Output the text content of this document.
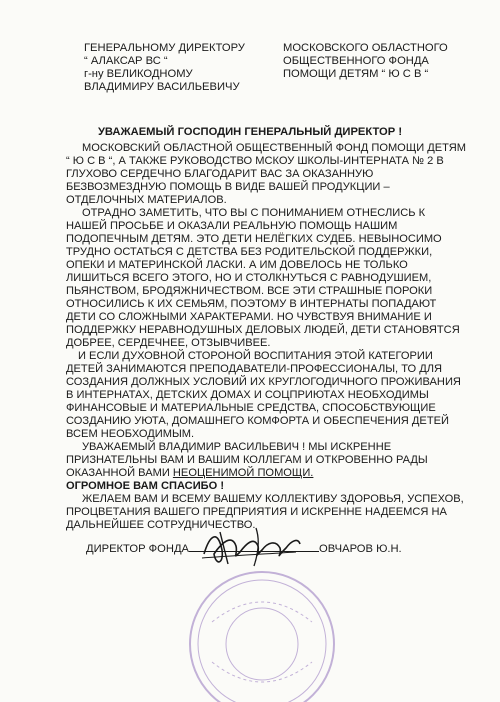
ГЕНЕРАЛЬНОМУ ДИРЕКТОРУ
“ АЛАКСАР ВС “
г-ну ВЕЛИКОДНОМУ
ВЛАДИМИРУ ВАСИЛЬЕВИЧУ
МОСКОВСКОГО ОБЛАСТНОГО
ОБЩЕСТВЕННОГО ФОНДА
ПОМОЩИ ДЕТЯМ “ Ю С В “
УВАЖАЕМЫЙ ГОСПОДИН ГЕНЕРАЛЬНЫЙ ДИРЕКТОР !

МОСКОВСКИЙ ОБЛАСТНОЙ ОБЩЕСТВЕННЫЙ ФОНД ПОМОЩИ ДЕТЯМ “ Ю С В “, А ТАКЖЕ РУКОВОДСТВО МСКОУ ШКОЛЫ-ИНТЕРНАТА № 2 В ГЛУХОВО СЕРДЕЧНО БЛАГОДАРИТ ВАС ЗА ОКАЗАННУЮ БЕЗВОЗМЕЗДНУЮ ПОМОЩЬ В ВИДЕ ВАШЕЙ ПРОДУКЦИИ – ОТДЕЛОЧНЫХ МАТЕРИАЛОВ.

ОТРАДНО ЗАМЕТИТЬ, ЧТО ВЫ С ПОНИМАНИЕМ ОТНЕСЛИСЬ К НАШЕЙ ПРОСЬБЕ И ОКАЗАЛИ РЕАЛЬНУЮ ПОМОЩЬ НАШИМ ПОДОПЕЧНЫМ ДЕТЯМ. ЭТО ДЕТИ НЕЛЁГКИХ СУДЕБ. НЕВЫНОСИМО ТРУДНО ОСТАТЬСЯ С ДЕТСТВА БЕЗ РОДИТЕЛЬСКОЙ ПОДДЕРЖКИ, ОПЕКИ И МАТЕРИНСКОЙ ЛАСКИ. А ИМ ДОВЕЛОСЬ НЕ ТОЛЬКО ЛИШИТЬСЯ ВСЕГО ЭТОГО, НО И СТОЛКНУТЬСЯ С РАВНОДУШИЕМ, ПЬЯНСТВОМ, БРОДЯЖНИЧЕСТВОМ. ВСЕ ЭТИ СТРАШНЫЕ ПОРОКИ ОТНОСИЛИСЬ К ИХ СЕМЬЯМ, ПОЭТОМУ В ИНТЕРНАТЫ ПОПАДАЮТ ДЕТИ СО СЛОЖНЫМИ ХАРАКТЕРАМИ. НО ЧУВСТВУЯ ВНИМАНИЕ И ПОДДЕРЖКУ НЕРАВНОДУШНЫХ ДЕЛОВЫХ ЛЮДЕЙ, ДЕТИ СТАНОВЯТСЯ ДОБРЕЕ, СЕРДЕЧНЕЕ, ОТЗЫВЧИВЕЕ.

И ЕСЛИ ДУХОВНОЙ СТОРОНОЙ ВОСПИТАНИЯ ЭТОЙ КАТЕГОРИИ ДЕТЕЙ ЗАНИМАЮТСЯ ПРЕПОДАВАТЕЛИ-ПРОФЕССИОНАЛЫ, ТО ДЛЯ СОЗДАНИЯ ДОЛЖНЫХ УСЛОВИЙ ИХ КРУГЛОГОДИЧНОГО ПРОЖИВАНИЯ В ИНТЕРНАТАХ, ДЕТСКИХ ДОМАХ И СОЦПРИЮТАХ НЕОБХОДИМЫ ФИНАНСОВЫЕ И МАТЕРИАЛЬНЫЕ СРЕДСТВА, СПОСОБСТВУЮЩИЕ СОЗДАНИЮ УЮТА, ДОМАШНЕГО КОМФОРТА И ОБЕСПЕЧЕНИЯ ДЕТЕЙ ВСЕМ НЕОБХОДИМЫМ.

УВАЖАЕМЫЙ ВЛАДИМИР ВАСИЛЬЕВИЧ ! МЫ ИСКРЕННЕ ПРИЗНАТЕЛЬНЫ ВАМ И ВАШИМ КОЛЛЕГАМ И ОТКРОВЕННО РАДЫ ОКАЗАННОЙ ВАМИ НЕОЦЕНИМОЙ ПОМОЩИ.

ОГРОМНОЕ ВАМ СПАСИБО !

ЖЕЛАЕМ ВАМ И ВСЕМУ ВАШЕМУ КОЛЛЕКТИВУ ЗДОРОВЬЯ, УСПЕХОВ, ПРОЦВЕТАНИЯ ВАШЕГО ПРЕДПРИЯТИЯ И ИСКРЕННЕ НАДЕЕМСЯ НА ДАЛЬНЕЙШЕЕ СОТРУДНИЧЕСТВО.

ДИРЕКТОР ФОНДА	ОВЧАРОВ Ю.Н.
